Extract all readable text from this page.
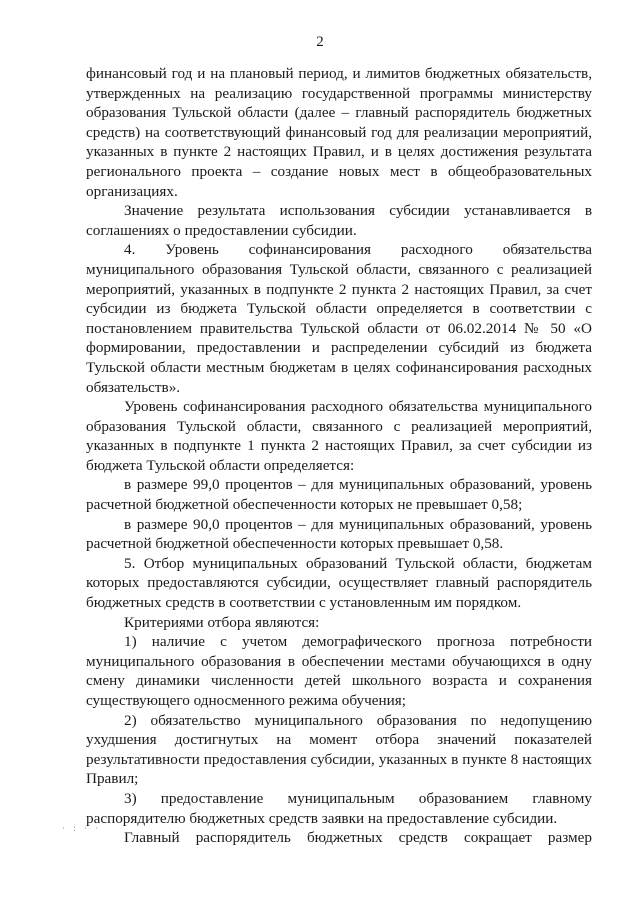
2

финансовый год и на плановый период, и лимитов бюджетных обязательств, утвержденных на реализацию государственной программы министерству образования Тульской области (далее – главный распорядитель бюджетных средств) на соответствующий финансовый год для реализации мероприятий, указанных в пункте 2 настоящих Правил, и в целях достижения результата регионального проекта – создание новых мест в общеобразовательных организациях.

Значение результата использования субсидии устанавливается в соглашениях о предоставлении субсидии.

4. Уровень софинансирования расходного обязательства муниципального образования Тульской области, связанного с реализацией мероприятий, указанных в подпункте 2 пункта 2 настоящих Правил, за счет субсидии из бюджета Тульской области определяется в соответствии с постановлением правительства Тульской области от 06.02.2014 № 50 «О формировании, предоставлении и распределении субсидий из бюджета Тульской области местным бюджетам в целях софинансирования расходных обязательств».

Уровень софинансирования расходного обязательства муниципального образования Тульской области, связанного с реализацией мероприятий, указанных в подпункте 1 пункта 2 настоящих Правил, за счет субсидии из бюджета Тульской области определяется:

в размере 99,0 процентов – для муниципальных образований, уровень расчетной бюджетной обеспеченности которых не превышает 0,58;

в размере 90,0 процентов – для муниципальных образований, уровень расчетной бюджетной обеспеченности которых превышает 0,58.

5. Отбор муниципальных образований Тульской области, бюджетам которых предоставляются субсидии, осуществляет главный распорядитель бюджетных средств в соответствии с установленным им порядком.

Критериями отбора являются:

1) наличие с учетом демографического прогноза потребности муниципального образования в обеспечении местами обучающихся в одну смену динамики численности детей школьного возраста и сохранения существующего односменного режима обучения;

2) обязательство муниципального образования по недопущению ухудшения достигнутых на момент отбора значений показателей результативности предоставления субсидии, указанных в пункте 8 настоящих Правил;

3) предоставление муниципальным образованием главному распорядителю бюджетных средств заявки на предоставление субсидии.

Главный распорядитель бюджетных средств сокращает размер

· : · ·
